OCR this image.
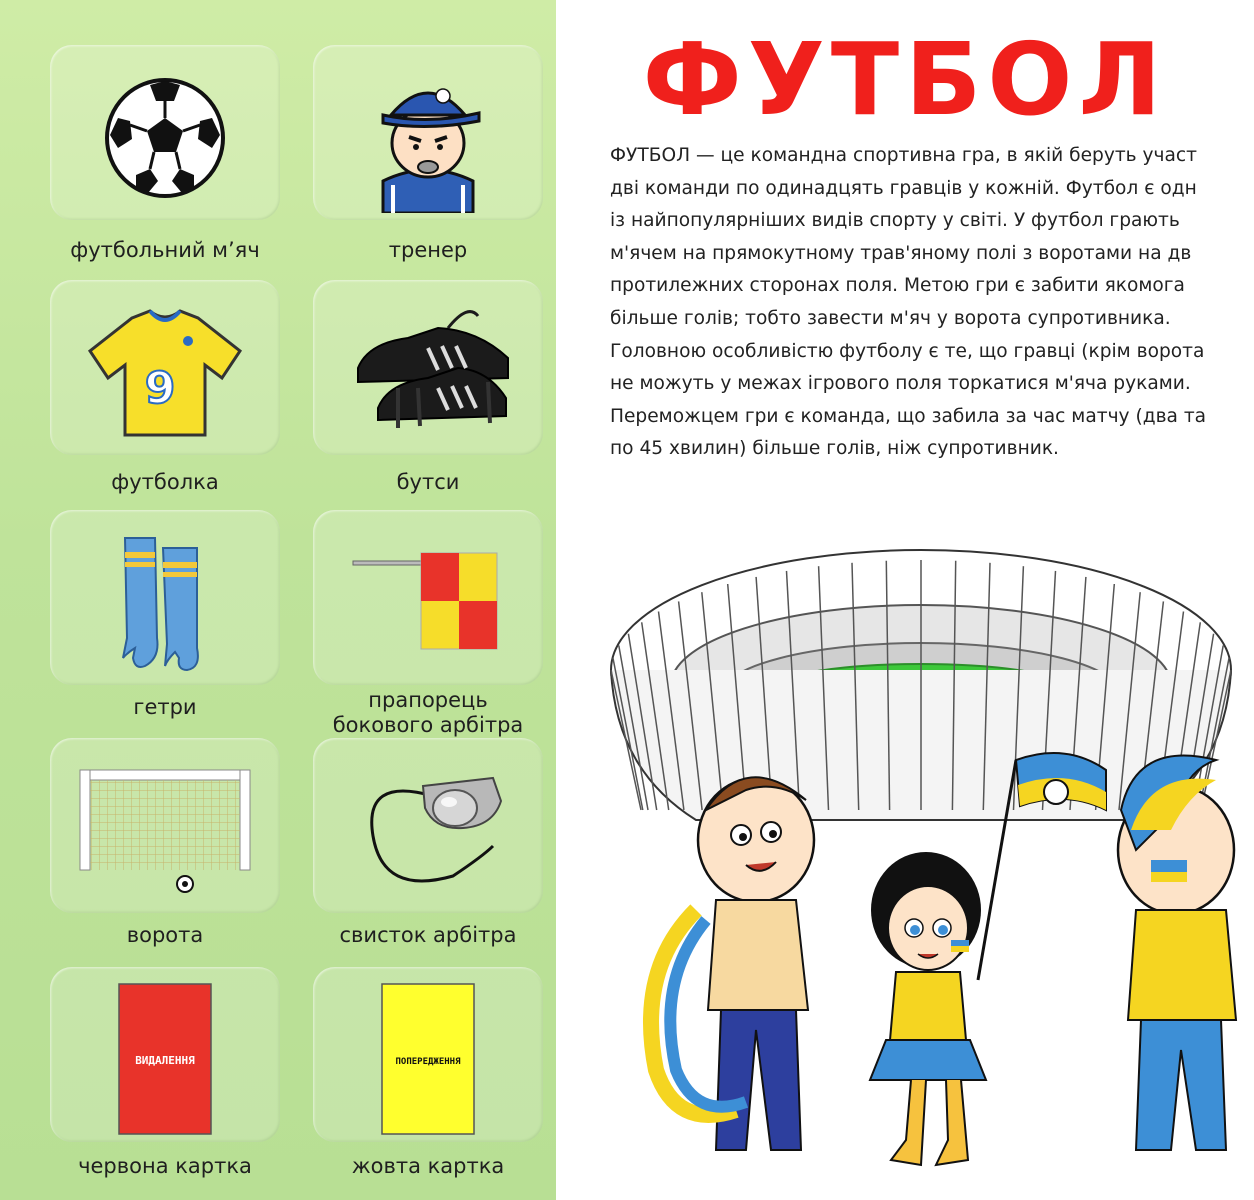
футбольний м’яч	тренер
9
футболка	бутси
гетри	прапорець
бокового арбітра
ворота	свисток арбітра
ВИДАЛЕННЯ
червона картка
ПОПЕРЕДЖЕННЯ
жовта картка
ФУТБОЛ

ФУТБОЛ — це командна спортивна гра, в якій беруть участ
дві команди по одинадцять гравців у кожній. Футбол є одн
із найпопулярніших видів спорту у світі. У футбол грають
м'ячем на прямокутному трав'яному полі з воротами на дв
протилежних сторонах поля. Метою гри є забити якомога
більше голів; тобто завести м'яч у ворота супротивника.
Головною особливістю футболу є те, що гравці (крім ворота
не можуть у межах ігрового поля торкатися м'яча руками.
Переможцем гри є команда, що забила за час матчу (два та
по 45 хвилин) більше голів, ніж супротивник.
